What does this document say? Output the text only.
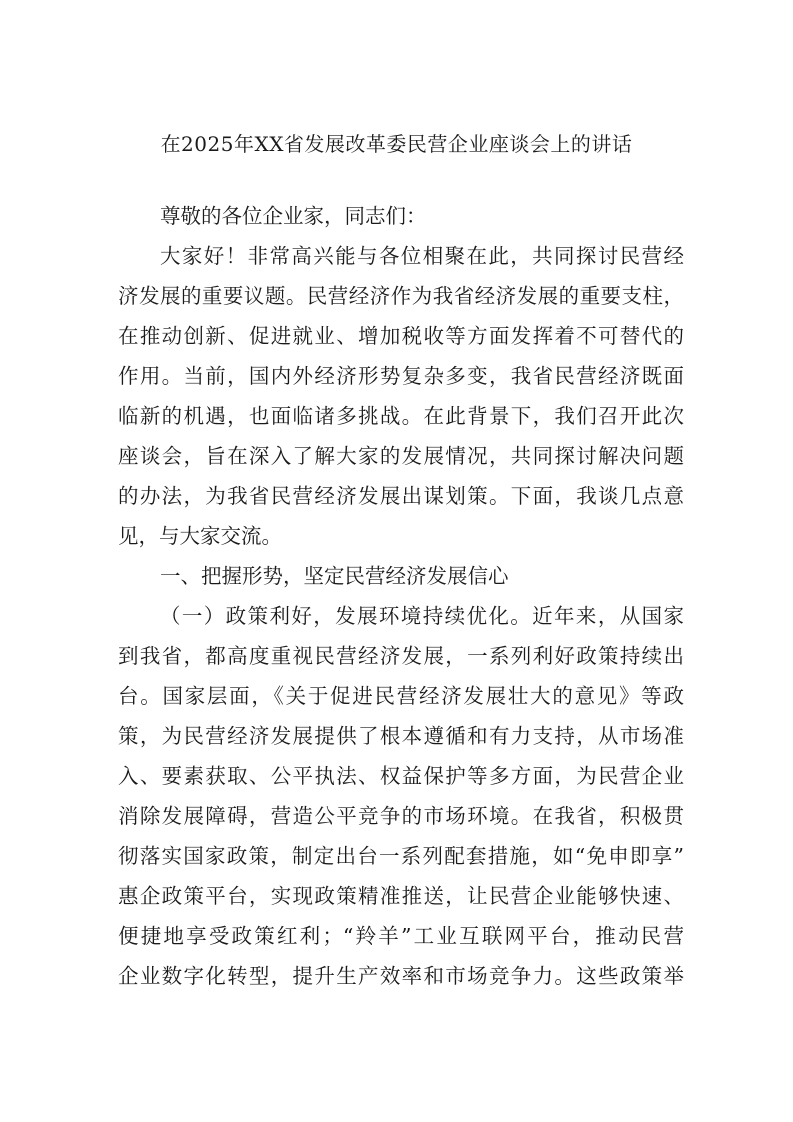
在2025年XX省发展改革委民营企业座谈会上的讲话
尊敬的各位企业家，同志们：
大家好！非常高兴能与各位相聚在此，共同探讨民营经
济发展的重要议题。民营经济作为我省经济发展的重要支柱，
在推动创新、促进就业、增加税收等方面发挥着不可替代的
作用。当前，国内外经济形势复杂多变，我省民营经济既面
临新的机遇，也面临诸多挑战。在此背景下，我们召开此次
座谈会，旨在深入了解大家的发展情况，共同探讨解决问题
的办法，为我省民营经济发展出谋划策。下面，我谈几点意
见，与大家交流。
一、把握形势，坚定民营经济发展信心
（一）政策利好，发展环境持续优化。近年来，从国家
到我省，都高度重视民营经济发展，一系列利好政策持续出
台。国家层面，《关于促进民营经济发展壮大的意见》等政
策，为民营经济发展提供了根本遵循和有力支持，从市场准
入、要素获取、公平执法、权益保护等多方面，为民营企业
消除发展障碍，营造公平竞争的市场环境。在我省，积极贯
彻落实国家政策，制定出台一系列配套措施，如“免申即享”
惠企政策平台，实现政策精准推送，让民营企业能够快速、
便捷地享受政策红利；“羚羊”工业互联网平台，推动民营
企业数字化转型，提升生产效率和市场竞争力。这些政策举
